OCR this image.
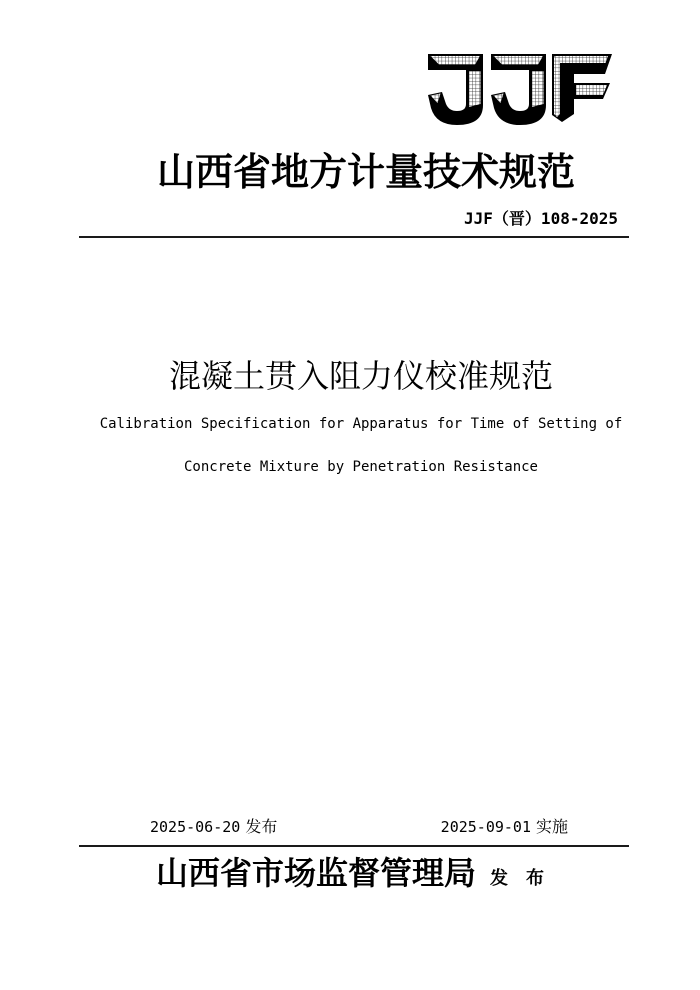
山西省地方计量技术规范
JJF（晋）108-2025
混凝土贯入阻力仪校准规范
Calibration Specification for Apparatus for Time of Setting of
Concrete Mixture by Penetration Resistance
2025-06-20 发布	2025-09-01 实施
山西省市场监督管理局 发 布
